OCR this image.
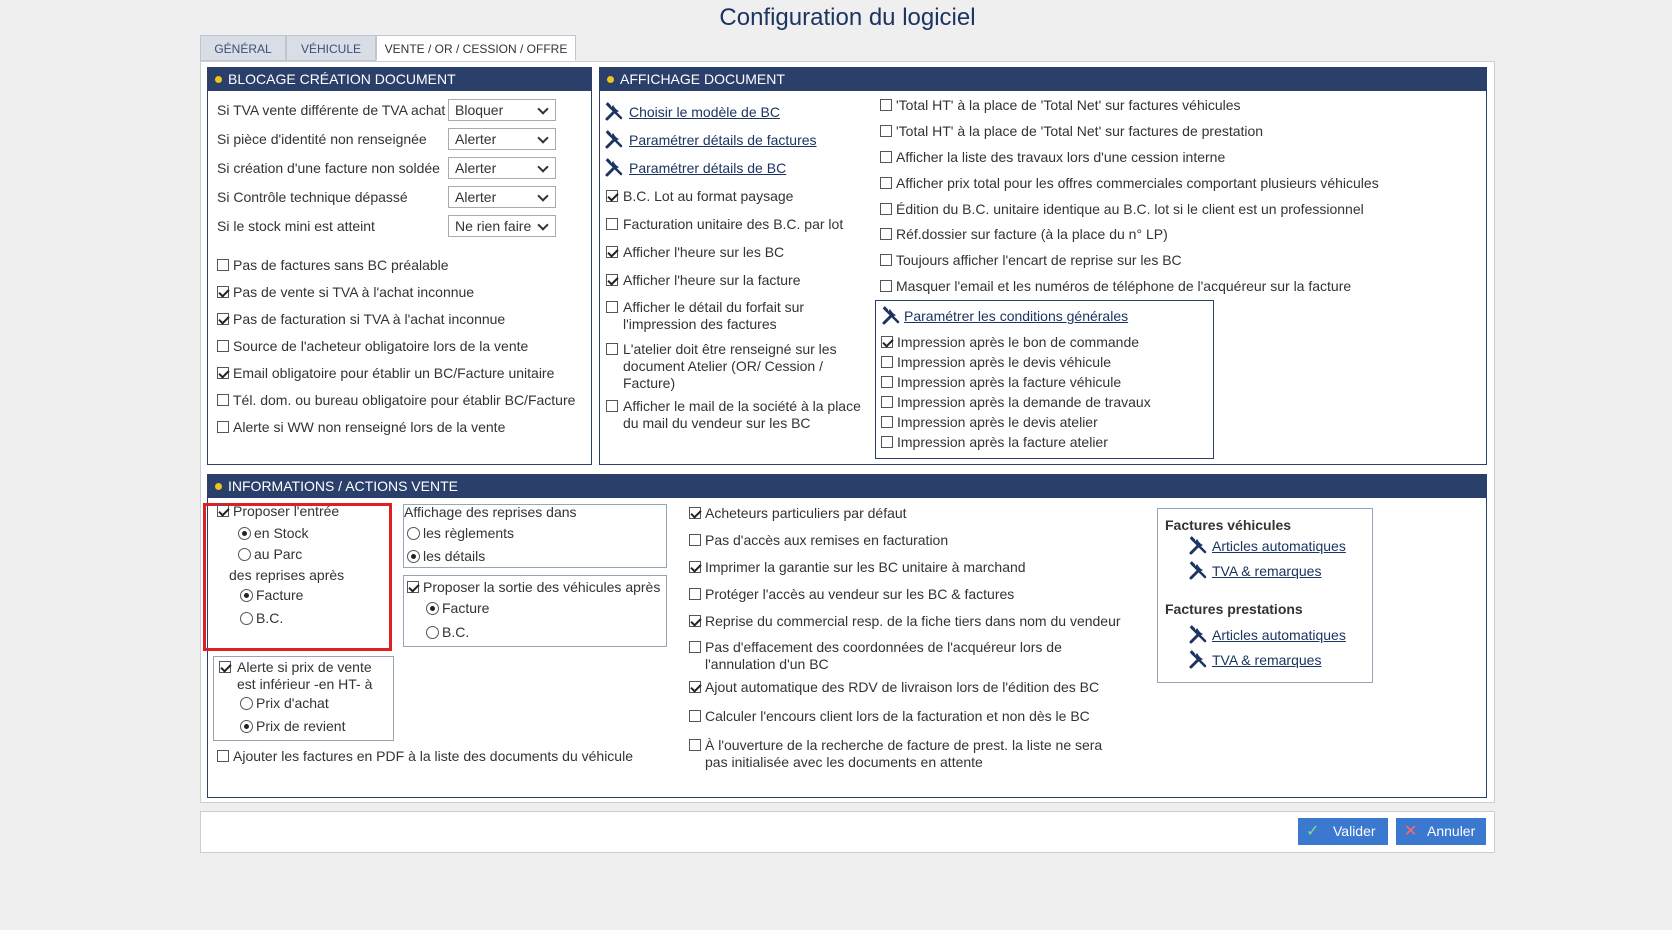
Configuration du logiciel
GÉNÉRAL	VÉHICULE	VENTE / OR / CESSION / OFFRE
BLOCAGE CRÉATION DOCUMENT
Si TVA vente différente de TVA achat Bloquer
Si pièce d'identité non renseignée	Alerter
Si création d'une facture non soldée	Alerter
Si Contrôle technique dépassé	Alerter
Si le stock mini est atteint	Ne rien faire
Pas de factures sans BC préalable
Pas de vente si TVA à l'achat inconnue
Pas de facturation si TVA à l'achat inconnue
Source de l'acheteur obligatoire lors de la vente
Email obligatoire pour établir un BC/Facture unitaire
Tél. dom. ou bureau obligatoire pour établir BC/Facture
Alerte si WW non renseigné lors de la vente
AFFICHAGE DOCUMENT
Choisir le modèle de BC
Paramétrer détails de factures
Paramétrer détails de BC
B.C. Lot au format paysage
Facturation unitaire des B.C. par lot
Afficher l'heure sur les BC
Afficher l'heure sur la facture
Afficher le détail du forfait sur l'impression des factures
L'atelier doit être renseigné sur les document Atelier (OR/ Cession / Facture)
Afficher le mail de la société à la place du mail du vendeur sur les BC
'Total HT' à la place de 'Total Net' sur factures véhicules
'Total HT' à la place de 'Total Net' sur factures de prestation
Afficher la liste des travaux lors d'une cession interne
Afficher prix total pour les offres commerciales comportant plusieurs véhicules
Édition du B.C. unitaire identique au B.C. lot si le client est un professionnel
Réf.dossier sur facture (à la place du n° LP)
Toujours afficher l'encart de reprise sur les BC
Masquer l'email et les numéros de téléphone de l'acquéreur sur la facture
Paramétrer les conditions générales
Impression après le bon de commande
Impression après le devis véhicule
Impression après la facture véhicule
Impression après la demande de travaux
Impression après le devis atelier
Impression après la facture atelier
INFORMATIONS / ACTIONS VENTE
Proposer l'entrée
en Stock
au Parc
des reprises après
Facture
B.C.
Affichage des reprises dans
les règlements
les détails
Proposer la sortie des véhicules après
Facture
B.C.
Alerte si prix de vente est inférieur -en HT- à
Prix d'achat
Prix de revient
Ajouter les factures en PDF à la liste des documents du véhicule
Acheteurs particuliers par défaut
Pas d'accès aux remises en facturation
Imprimer la garantie sur les BC unitaire à marchand
Protéger l'accès au vendeur sur les BC & factures
Reprise du commercial resp. de la fiche tiers dans nom du vendeur
Pas d'effacement des coordonnées de l'acquéreur lors de l'annulation d'un BC
Ajout automatique des RDV de livraison lors de l'édition des BC
Calculer l'encours client lors de la facturation et non dès le BC
À l'ouverture de la recherche de facture de prest. la liste ne sera pas initialisée avec les documents en attente
Factures véhicules
Articles automatiques
TVA & remarques
Factures prestations
Articles automatiques
TVA & remarques
✓ Valider ✕ Annuler
